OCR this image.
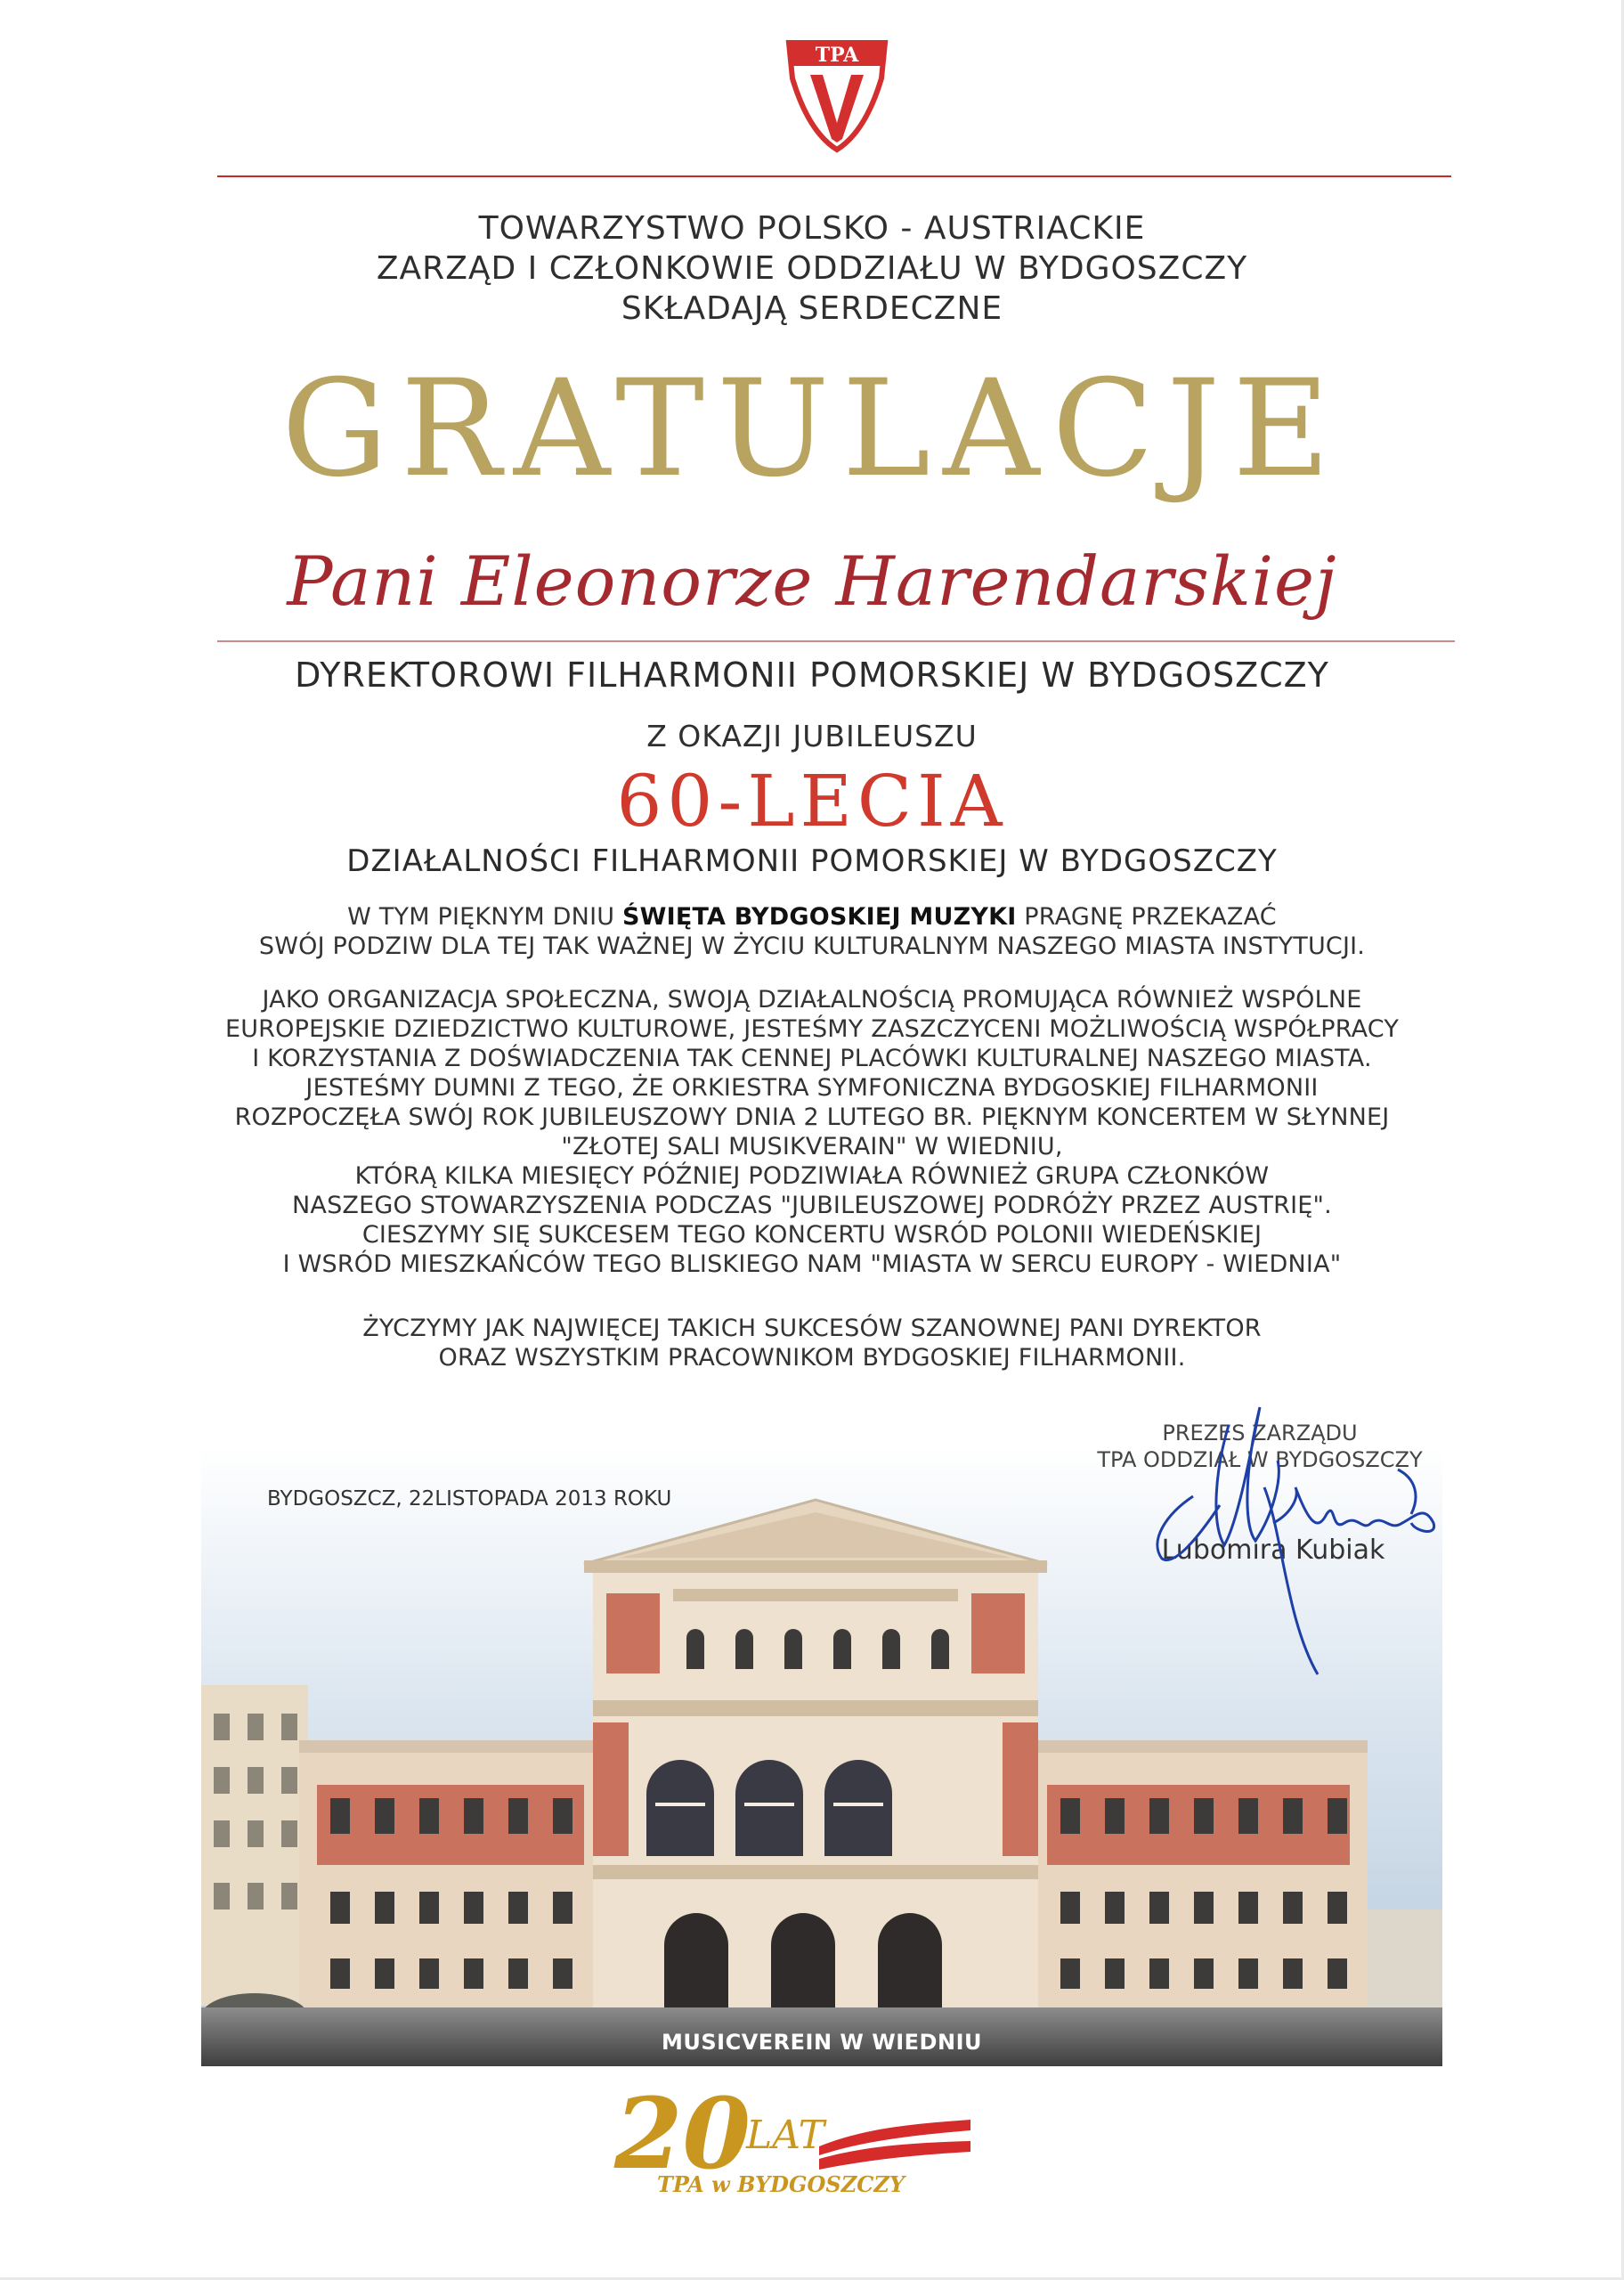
TPA
TOWARZYSTWO POLSKO - AUSTRIACKIE
ZARZĄD I CZŁONKOWIE ODDZIAŁU W BYDGOSZCZY
SKŁADAJĄ SERDECZNE
GRATULACJE
Pani Eleonorze Harendarskiej
DYREKTOROWI FILHARMONII POMORSKIEJ W BYDGOSZCZY
Z OKAZJI JUBILEUSZU
60-LECIA
DZIAŁALNOŚCI FILHARMONII POMORSKIEJ W BYDGOSZCZY
W TYM PIĘKNYM DNIU ŚWIĘTA BYDGOSKIEJ MUZYKI PRAGNĘ PRZEKAZAĆ
SWÓJ PODZIW DLA TEJ TAK WAŻNEJ W ŻYCIU KULTURALNYM NASZEGO MIASTA INSTYTUCJI.
JAKO ORGANIZACJA SPOŁECZNA, SWOJĄ DZIAŁALNOŚCIĄ PROMUJĄCA RÓWNIEŻ WSPÓLNE
EUROPEJSKIE DZIEDZICTWO KULTUROWE, JESTEŚMY ZASZCZYCENI MOŻLIWOŚCIĄ WSPÓŁPRACY
I KORZYSTANIA Z DOŚWIADCZENIA TAK CENNEJ PLACÓWKI KULTURALNEJ NASZEGO MIASTA.
JESTEŚMY DUMNI Z TEGO, ŻE ORKIESTRA SYMFONICZNA BYDGOSKIEJ FILHARMONII
ROZPOCZĘŁA SWÓJ ROK JUBILEUSZOWY DNIA 2 LUTEGO BR. PIĘKNYM KONCERTEM W SŁYNNEJ
"ZŁOTEJ SALI MUSIKVERAIN" W WIEDNIU,
KTÓRĄ KILKA MIESIĘCY PÓŹNIEJ PODZIWIAŁA RÓWNIEŻ GRUPA CZŁONKÓW
NASZEGO STOWARZYSZENIA PODCZAS "JUBILEUSZOWEJ PODRÓŻY PRZEZ AUSTRIĘ".
CIESZYMY SIĘ SUKCESEM TEGO KONCERTU WSRÓD POLONII WIEDEŃSKIEJ
I WSRÓD MIESZKAŃCÓW TEGO BLISKIEGO NAM "MIASTA W SERCU EUROPY - WIEDNIA"
ŻYCZYMY JAK NAJWIĘCEJ TAKICH SUKCESÓW SZANOWNEJ PANI DYREKTOR
ORAZ WSZYSTKIM PRACOWNIKOM BYDGOSKIEJ FILHARMONII.
MUSICVEREIN W WIEDNIU
BYDGOSZCZ, 22LISTOPADA 2013 ROKU
PREZES ZARZĄDU
TPA ODDZIAŁ W BYDGOSZCZY
Lubomira Kubiak
20
LAT
TPA w BYDGOSZCZY
